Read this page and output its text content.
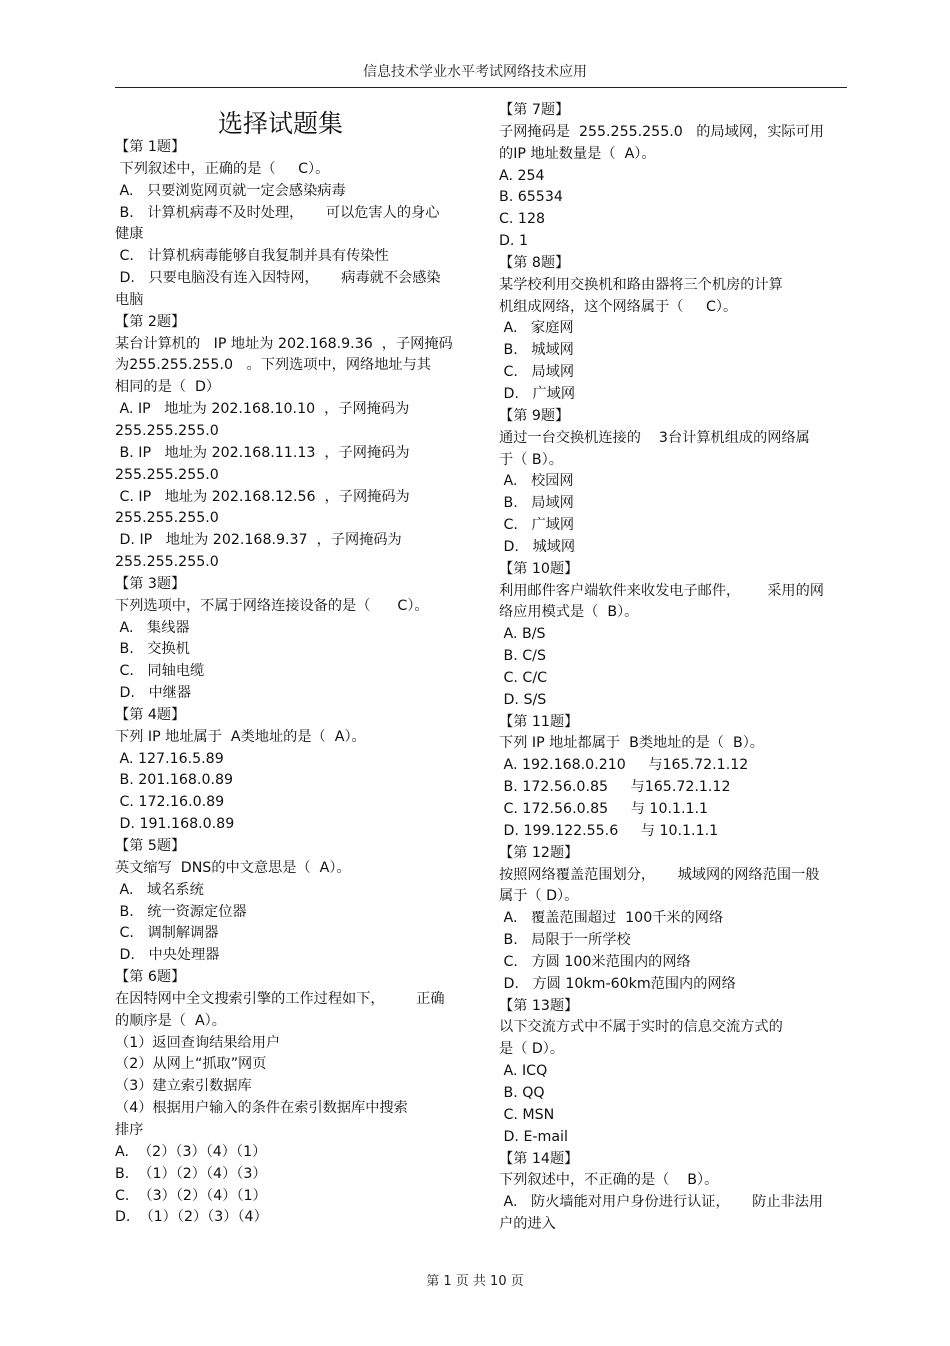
信息技术学业水平考试网络技术应用
选择试题集
【第 1题】
下列叙述中，正确的是（     C）。
A.   只要浏览网页就一定会感染病毒
B.   计算机病毒不及时处理，     可以危害人的身心
健康
C.   计算机病毒能够自我复制并具有传染性
D.   只要电脑没有连入因特网，     病毒就不会感染
电脑
【第 2题】
某台计算机的   IP 地址为 202.168.9.36  ，子网掩码
为255.255.255.0   。下列选项中，网络地址与其
相同的是（  D）
A. IP   地址为 202.168.10.10  ，子网掩码为
255.255.255.0
B. IP   地址为 202.168.11.13  ，子网掩码为
255.255.255.0
C. IP   地址为 202.168.12.56  ，子网掩码为
255.255.255.0
D. IP   地址为 202.168.9.37  ，子网掩码为
255.255.255.0
【第 3题】
下列选项中，不属于网络连接设备的是（      C）。
A.   集线器
B.   交换机
C.   同轴电缆
D.   中继器
【第 4题】
下列 IP 地址属于  A类地址的是（  A）。
A. 127.16.5.89
B. 201.168.0.89
C. 172.16.0.89
D. 191.168.0.89
【第 5题】
英文缩写  DNS的中文意思是（  A）。
A.   域名系统
B.   统一资源定位器
C.   调制解调器
D.   中央处理器
【第 6题】
在因特网中全文搜索引擎的工作过程如下，       正确
的顺序是（  A）。
（1）返回查询结果给用户
（2）从网上“抓取”网页
（3）建立索引数据库
（4）根据用户输入的条件在索引数据库中搜索
排序
A.  （2）（3）（4）（1）
B.  （1）（2）（4）（3）
C.  （3）（2）（4）（1）
D.  （1）（2）（3）（4）
【第 7题】
子网掩码是  255.255.255.0   的局域网，实际可用
的IP 地址数量是（  A）。
A. 254
B. 65534
C. 128
D. 1
【第 8题】
某学校利用交换机和路由器将三个机房的计算
机组成网络，这个网络属于（     C）。
A.   家庭网
B.   城域网
C.   局域网
D.   广域网
【第 9题】
通过一台交换机连接的    3台计算机组成的网络属
于（ B）。
A.   校园网
B.   局域网
C.   广域网
D.   城域网
【第 10题】
利用邮件客户端软件来收发电子邮件，      采用的网
络应用模式是（  B）。
A. B/S
B. C/S
C. C/C
D. S/S
【第 11题】
下列 IP 地址都属于  B类地址的是（  B）。
A. 192.168.0.210     与165.72.1.12
B. 172.56.0.85     与165.72.1.12
C. 172.56.0.85     与 10.1.1.1
D. 199.122.55.6     与 10.1.1.1
【第 12题】
按照网络覆盖范围划分，     城域网的网络范围一般
属于（ D）。
A.   覆盖范围超过  100千米的网络
B.   局限于一所学校
C.   方圆 100米范围内的网络
D.   方圆 10km-60km范围内的网络
【第 13题】
以下交流方式中不属于实时的信息交流方式的
是（ D）。
A. ICQ
B. QQ
C. MSN
D. E-mail
【第 14题】
下列叙述中，不正确的是（    B）。
A.   防火墙能对用户身份进行认证，     防止非法用
户的进入
第 1 页 共 10 页
